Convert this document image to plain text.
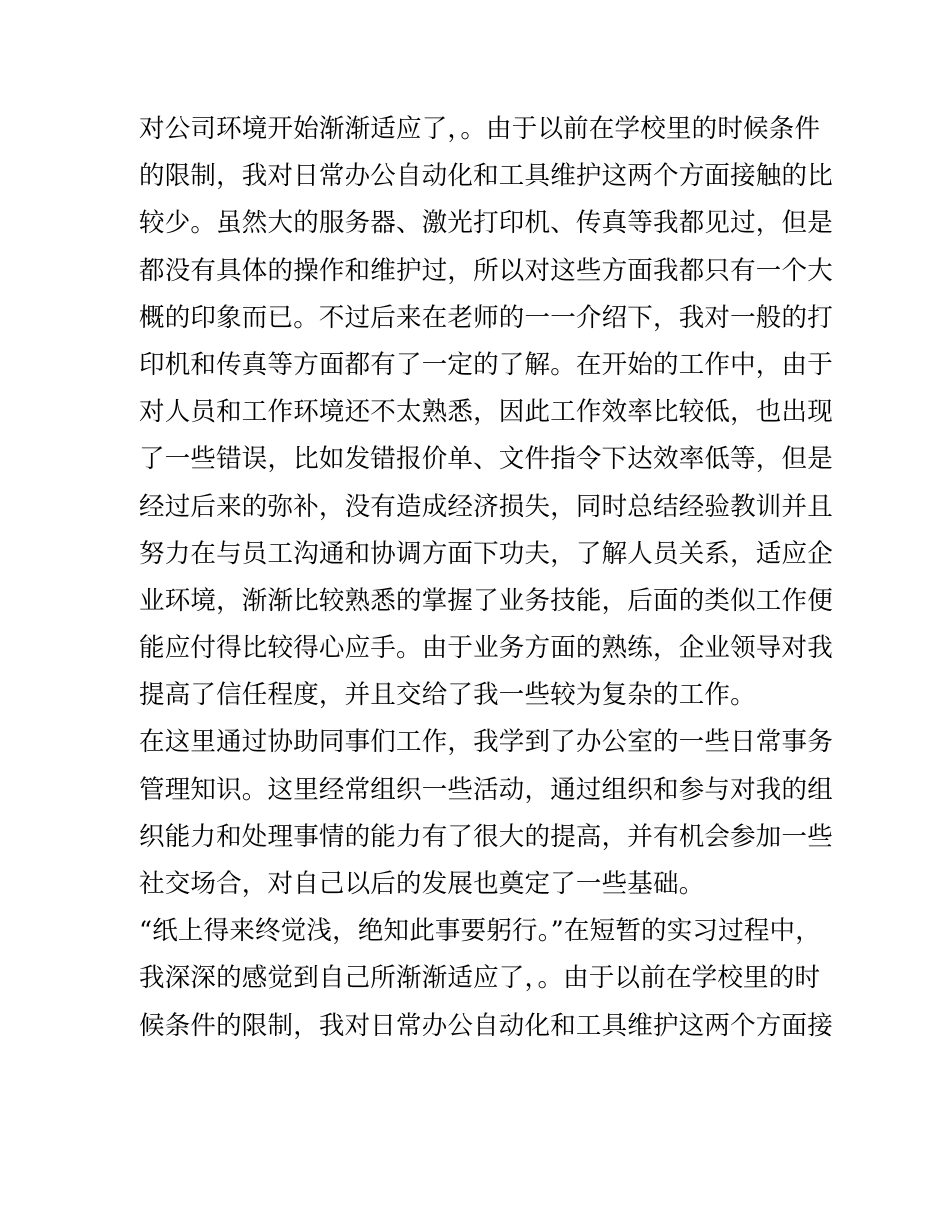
对公司环境开始渐渐适应了，。由于以前在学校里的时候条件
的限制，我对日常办公自动化和工具维护这两个方面接触的比
较少。虽然大的服务器、激光打印机、传真等我都见过，但是
都没有具体的操作和维护过，所以对这些方面我都只有一个大
概的印象而已。不过后来在老师的一一介绍下，我对一般的打
印机和传真等方面都有了一定的了解。在开始的工作中，由于
对人员和工作环境还不太熟悉，因此工作效率比较低，也出现
了一些错误，比如发错报价单、文件指令下达效率低等，但是
经过后来的弥补，没有造成经济损失，同时总结经验教训并且
努力在与员工沟通和协调方面下功夫，了解人员关系，适应企
业环境，渐渐比较熟悉的掌握了业务技能，后面的类似工作便
能应付得比较得心应手。由于业务方面的熟练，企业领导对我
提高了信任程度，并且交给了我一些较为复杂的工作。
在这里通过协助同事们工作，我学到了办公室的一些日常事务
管理知识。这里经常组织一些活动，通过组织和参与对我的组
织能力和处理事情的能力有了很大的提高，并有机会参加一些
社交场合，对自己以后的发展也奠定了一些基础。
“纸上得来终觉浅，绝知此事要躬行。”在短暂的实习过程中，
我深深的感觉到自己所渐渐适应了，。由于以前在学校里的时
候条件的限制，我对日常办公自动化和工具维护这两个方面接
